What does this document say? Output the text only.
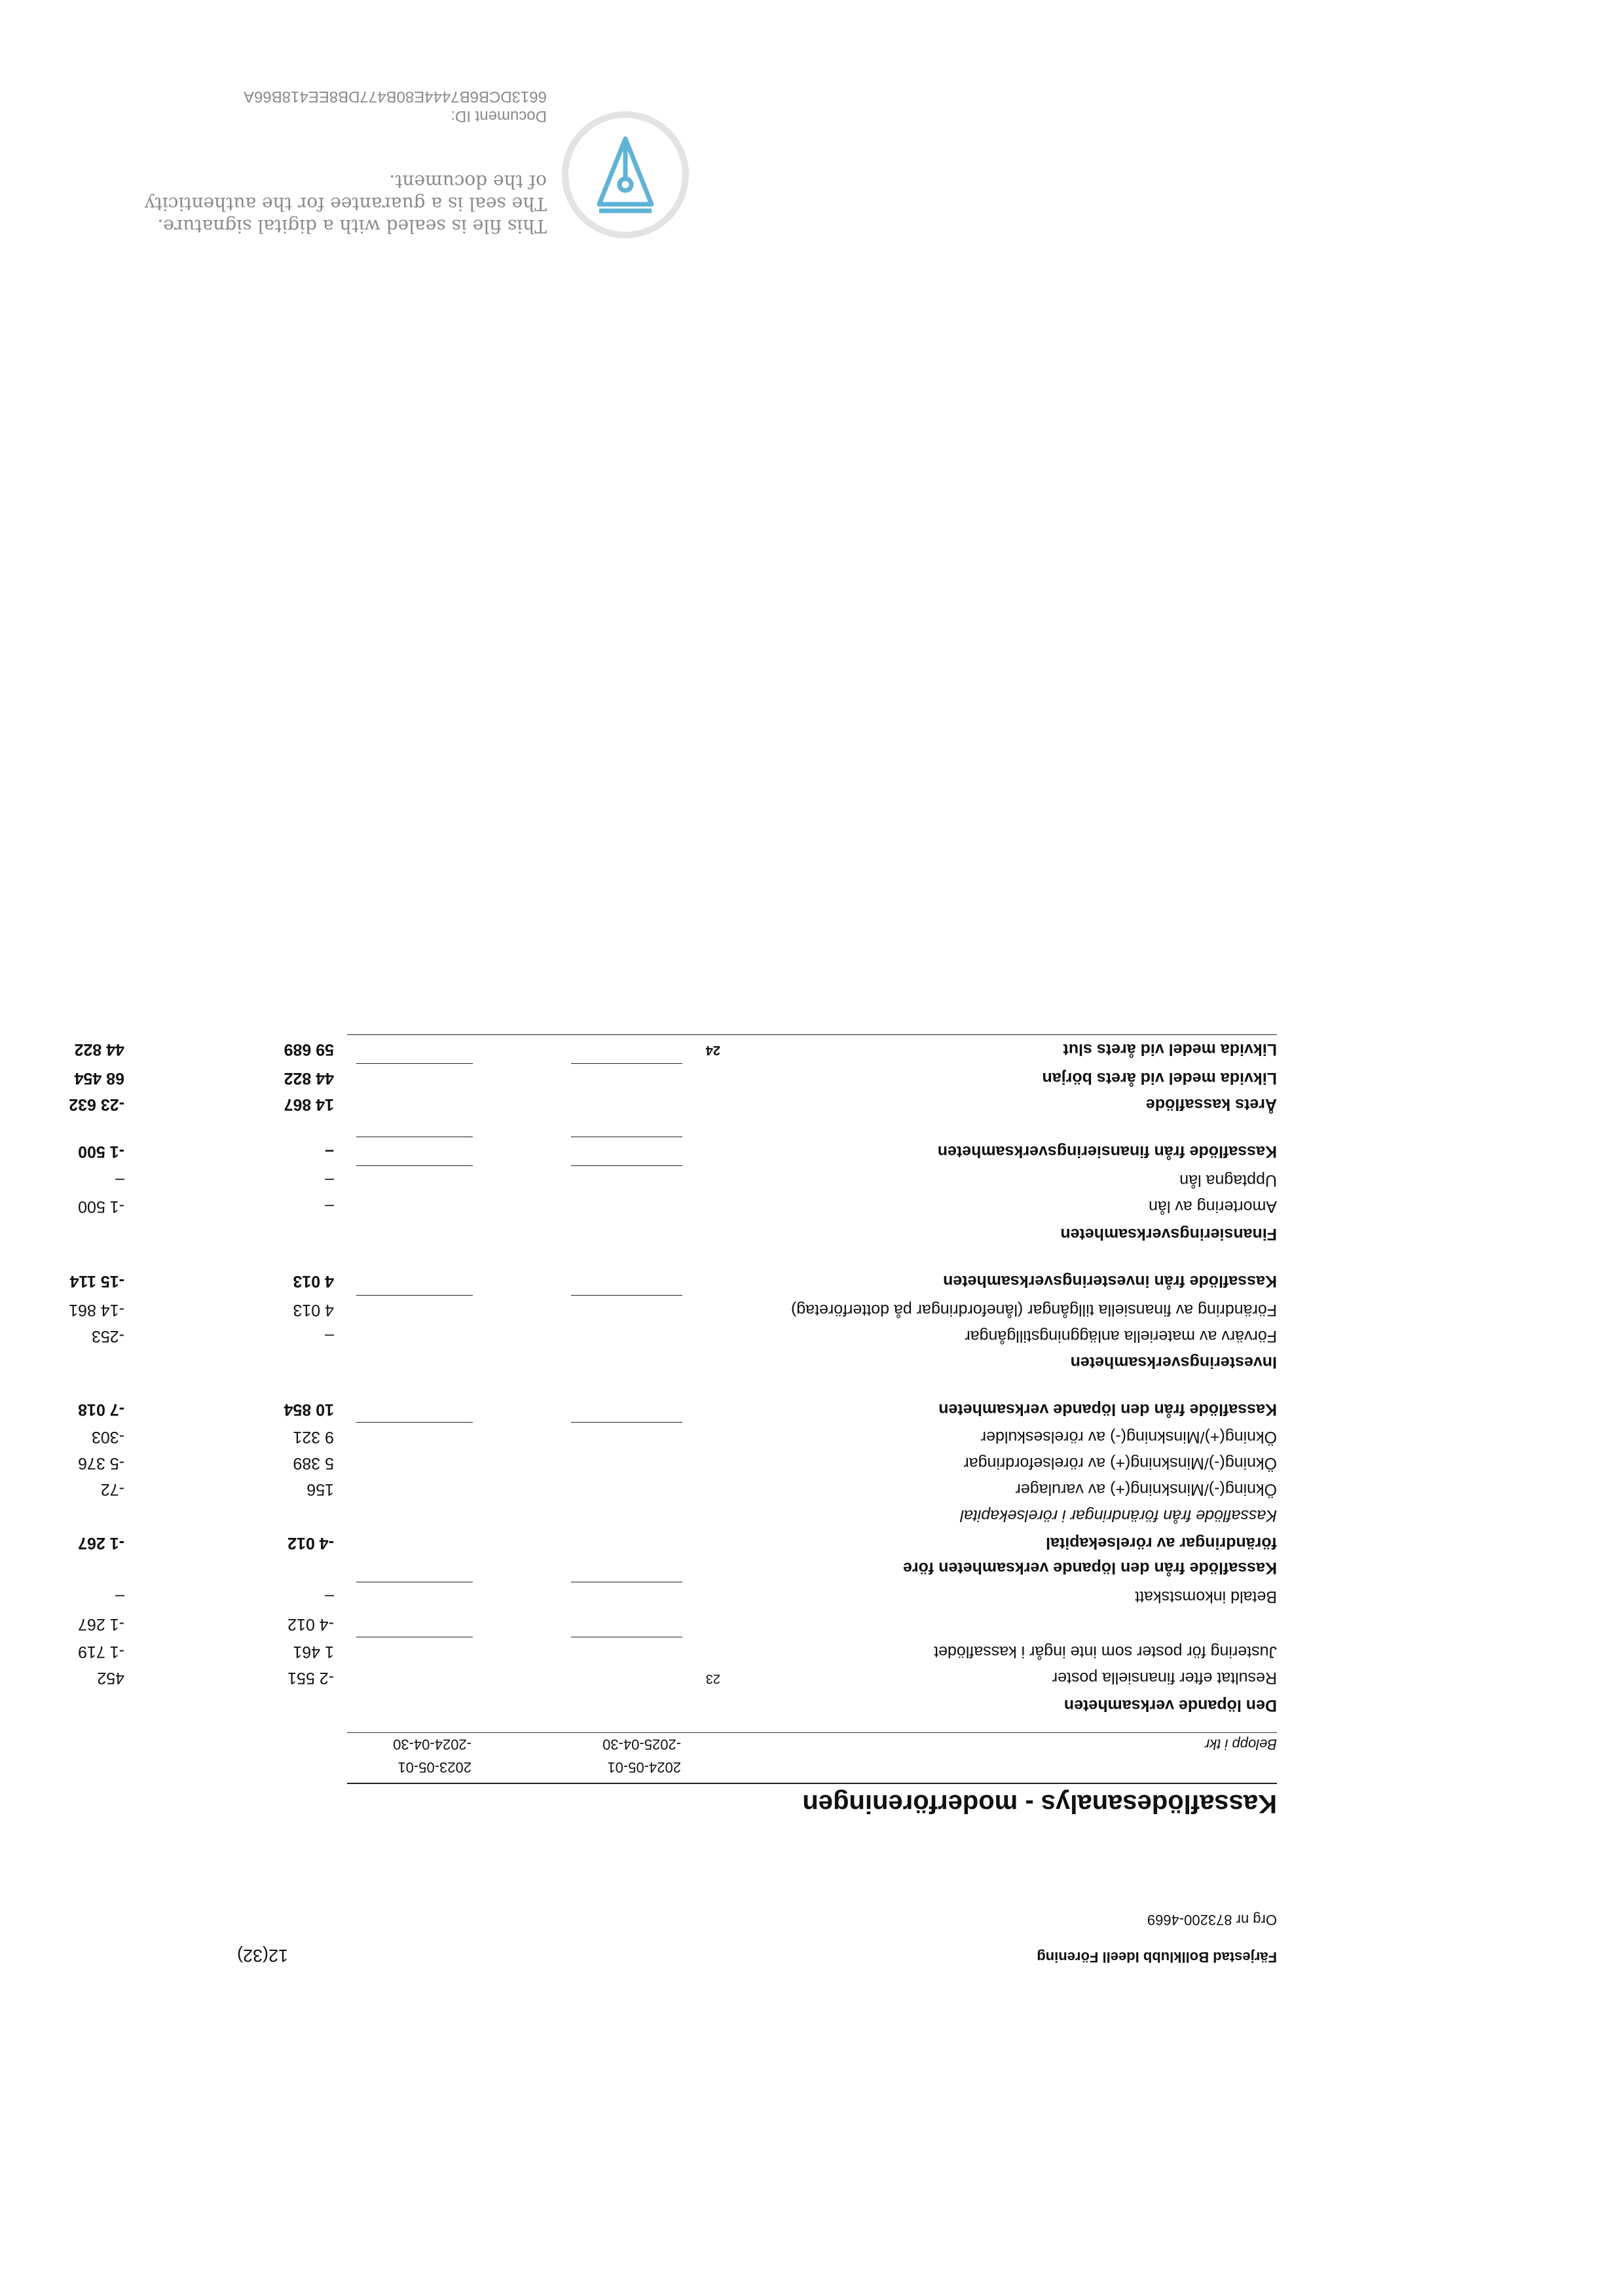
Färjestad Bollklubb Ideell Förening
12(32)
Org nr 873200-4669
Kassaflödesanalys - moderföreningen
2024-05-01
2023-05-01
Belopp i tkr
-2025-04-30
-2024-04-30
Den löpande verksamheten
Resultat efter finansiella poster
23
-2 551
452
Justering för poster som inte ingår i kassaflödet
1 461
-1 719
-4 012
-1 267
Betald inkomstskatt
–
–
Kassaflöde från den löpande verksamheten före
förändringar av rörelsekapital
-4 012
-1 267
Kassaflöde från förändringar i rörelsekapital
Ökning(-)/Minskning(+) av varulager
156
-72
Ökning(-)/Minskning(+) av rörelsefordringar
5 389
-5 376
Ökning(+)/Minskning(-) av rörelseskulder
9 321
-303
Kassaflöde från den löpande verksamheten
10 854
-7 018
Investeringsverksamheten
Förvärv av materiella anläggningstillgångar
–
-253
Förändring av finansiella tillgångar (lånefordringar på dotterföretag)
4 013
-14 861
Kassaflöde från investeringsverksamheten
4 013
-15 114
Finansieringsverksamheten
Amortering av lån
–
-1 500
Upptagna lån
–
–
Kassaflöde från finansieringsverksamheten
–
-1 500
Årets kassaflöde
14 867
-23 632
Likvida medel vid årets början
44 822
68 454
Likvida medel vid årets slut
24
59 689
44 822
This file is sealed with a digital signature.
The seal is a guarantee for the authenticity
of the document.
Document ID:
6613DCB6B7444E80B477DB8EE418B66A
